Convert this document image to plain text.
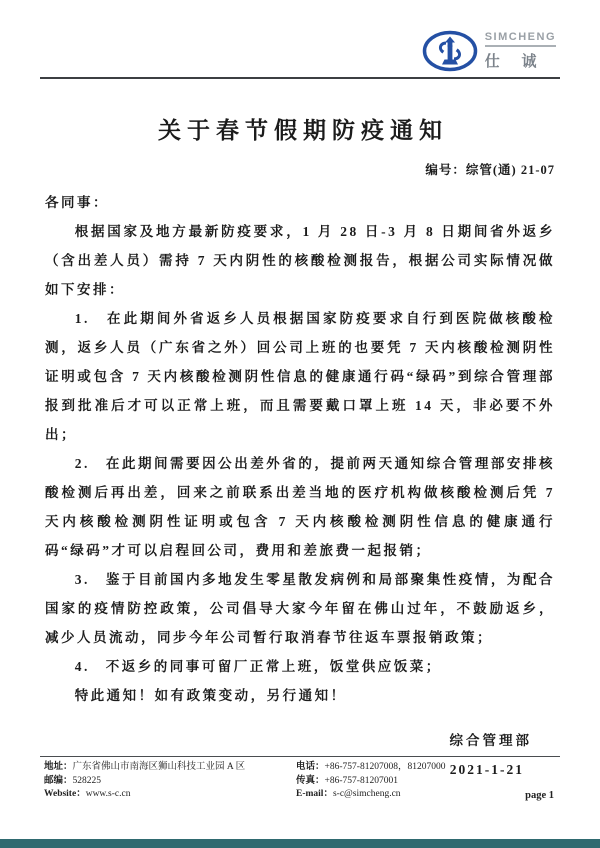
SIMCHENG
仕 诚
关于春节假期防疫通知
编号：综管(通) 21-07

各同事：

根据国家及地方最新防疫要求，1 月 28 日-3 月 8 日期间省外返乡（含出差人员）需持 7 天内阴性的核酸检测报告，根据公司实际情况做如下安排：

1.　在此期间外省返乡人员根据国家防疫要求自行到医院做核酸检测，返乡人员（广东省之外）回公司上班的也要凭 7 天内核酸检测阴性证明或包含 7 天内核酸检测阴性信息的健康通行码“绿码”到综合管理部报到批准后才可以正常上班，而且需要戴口罩上班 14 天，非必要不外出；

2.　在此期间需要因公出差外省的，提前两天通知综合管理部安排核酸检测后再出差，回来之前联系出差当地的医疗机构做核酸检测后凭 7 天内核酸检测阴性证明或包含 7 天内核酸检测阴性信息的健康通行码“绿码”才可以启程回公司，费用和差旅费一起报销；

3.　鉴于目前国内多地发生零星散发病例和局部聚集性疫情，为配合国家的疫情防控政策，公司倡导大家今年留在佛山过年，不鼓励返乡，减少人员流动，同步今年公司暂行取消春节往返车票报销政策；

4.　不返乡的同事可留厂正常上班，饭堂供应饭菜；

特此通知！如有政策变动，另行通知！

综合管理部
2021-1-21
地址：广东省佛山市南海区狮山科技工业园 A 区
邮编：528225
Website：www.s-c.cn
电话：+86-757-81207008，81207000
传真：+86-757-81207001
E-mail：s-c@simcheng.cn	page 1
